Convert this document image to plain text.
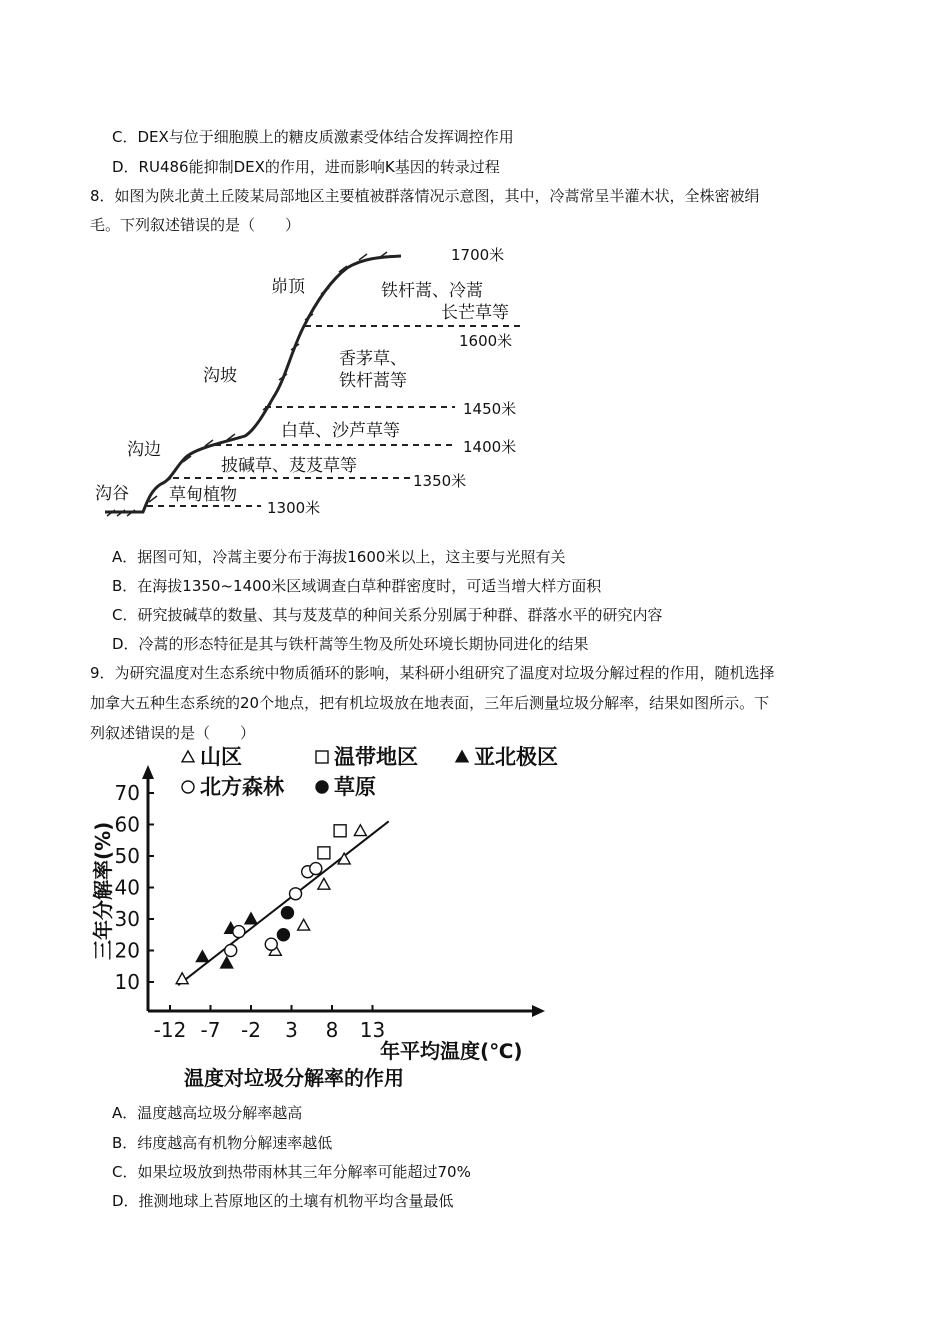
C．DEX与位于细胞膜上的糖皮质激素受体结合发挥调控作用
D．RU486能抑制DEX的作用，进而影响K基因的转录过程
8．如图为陕北黄土丘陵某局部地区主要植被群落情况示意图，其中，冷蒿常呈半灌木状，全株密被绢
毛。下列叙述错误的是（　　）
峁顶
沟坡
沟边
沟谷
1700米
1600米
1450米
1400米
1350米
1300米
铁杆蒿、冷蒿
长芒草等
香茅草、
铁杆蒿等
白草、沙芦草等
披碱草、芨芨草等
草甸植物
A．据图可知，冷蒿主要分布于海拔1600米以上，这主要与光照有关
B．在海拔1350~1400米区域调查白草种群密度时，可适当增大样方面积
C．研究披碱草的数量、其与芨芨草的种间关系分别属于种群、群落水平的研究内容
D．冷蒿的形态特征是其与铁杆蒿等生物及所处环境长期协同进化的结果
9．为研究温度对生态系统中物质循环的影响，某科研小组研究了温度对垃圾分解过程的作用，随机选择
加拿大五种生态系统的20个地点，把有机垃圾放在地表面，三年后测量垃圾分解率，结果如图所示。下
列叙述错误的是（　　）
10
20
30
40
50
60
70
-12 -7 -2 3 8 13
三年分解率(%)
山区	温带地区	亚北极区
北方森林 草原
年平均温度(℃)
温度对垃圾分解率的作用
A．温度越高垃圾分解率越高
B．纬度越高有机物分解速率越低
C．如果垃圾放到热带雨林其三年分解率可能超过70%
D．推测地球上苔原地区的土壤有机物平均含量最低
